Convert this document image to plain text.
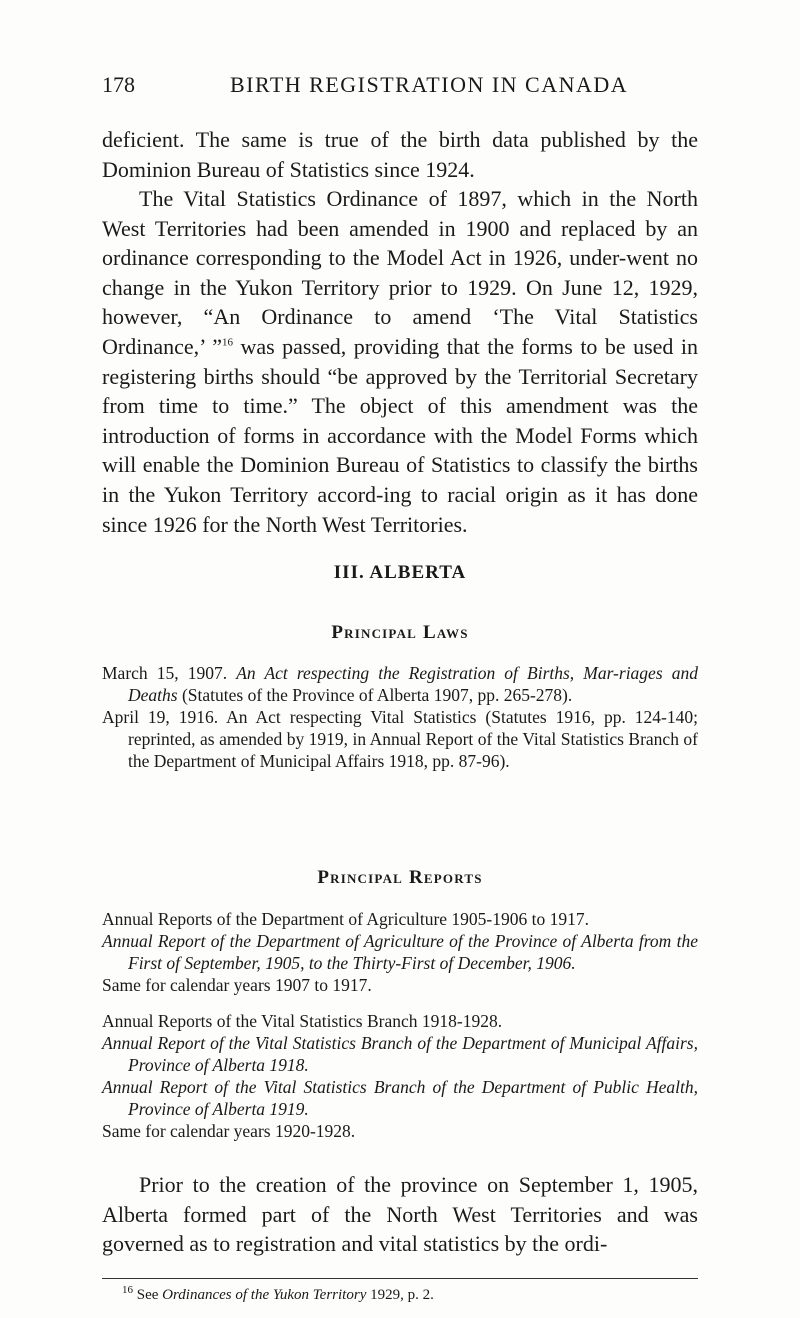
178	BIRTH REGISTRATION IN CANADA

deficient. The same is true of the birth data published by the Dominion Bureau of Statistics since 1924.

The Vital Statistics Ordinance of 1897, which in the North West Territories had been amended in 1900 and replaced by an ordinance corresponding to the Model Act in 1926, under-went no change in the Yukon Territory prior to 1929. On June 12, 1929, however, “An Ordinance to amend ‘The Vital Statistics Ordinance,’ ”$^{16}$ was passed, providing that the forms to be used in registering births should “be approved by the Territorial Secretary from time to time.” The object of this amendment was the introduction of forms in accordance with the Model Forms which will enable the Dominion Bureau of Statistics to classify the births in the Yukon Territory accord-ing to racial origin as it has done since 1926 for the North West Territories.

III. ALBERTA
Principal Laws

March 15, 1907. An Act respecting the Registration of Births, Mar-riages and Deaths (Statutes of the Province of Alberta 1907, pp. 265-278).

April 19, 1916. An Act respecting Vital Statistics (Statutes 1916, pp. 124-140; reprinted, as amended by 1919, in Annual Report of the Vital Statistics Branch of the Department of Municipal Affairs 1918, pp. 87-96).

Principal Reports

Annual Reports of the Department of Agriculture 1905-1906 to 1917.

Annual Report of the Department of Agriculture of the Province of Alberta from the First of September, 1905, to the Thirty-First of December, 1906.

Same for calendar years 1907 to 1917.

Annual Reports of the Vital Statistics Branch 1918-1928.

Annual Report of the Vital Statistics Branch of the Department of Municipal Affairs, Province of Alberta 1918.

Annual Report of the Vital Statistics Branch of the Department of Public Health, Province of Alberta 1919.

Same for calendar years 1920-1928.

Prior to the creation of the province on September 1, 1905, Alberta formed part of the North West Territories and was governed as to registration and vital statistics by the ordi-

$^{16}$ See Ordinances of the Yukon Territory 1929, p. 2.
